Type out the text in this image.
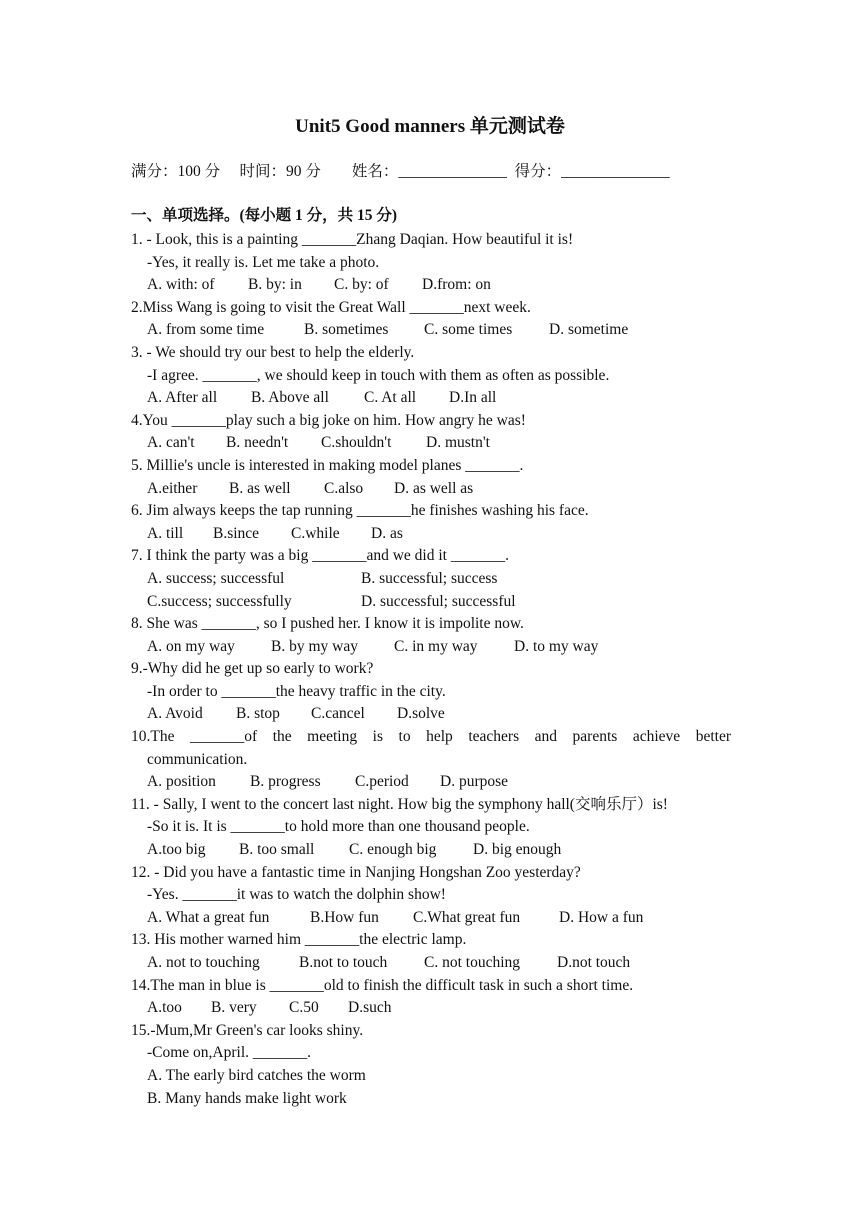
Unit5 Good manners 单元测试卷
满分：100 分 时间：90 分 姓名：______________ 得分：______________
一、单项选择。(每小题 1 分，共 15 分)
1. - Look, this is a painting _______Zhang Daqian. How beautiful it is!
-Yes, it really is. Let me take a photo.
A. with: of B. by: in C. by: of D.from: on
2.Miss Wang is going to visit the Great Wall _______next week.
A. from some time	B. sometimes C. some times D. sometime
3. - We should try our best to help the elderly.
-I agree. _______, we should keep in touch with them as often as possible.
A. After all B. Above all C. At all D.In all
4.You _______play such a big joke on him. How angry he was!
A. can't B. needn't C.shouldn't D. mustn't
5. Millie's uncle is interested in making model planes _______.
A.either B. as well C.also D. as well as
6. Jim always keeps the tap running _______he finishes washing his face.
A. till B.since C.while D. as
7. I think the party was a big _______and we did it _______.
A. success; successful	B. successful; success
C.success; successfully	D. successful; successful
8. She was _______, so I pushed her. I know it is impolite now.
A. on my way B. by my way C. in my way D. to my way
9.-Why did he get up so early to work?
-In order to _______the heavy traffic in the city.
A. Avoid B. stop C.cancel D.solve
10.The _______of the meeting is to help teachers and parents achieve better
communication.
A. position B. progress C.period D. purpose
11. - Sally, I went to the concert last night. How big the symphony hall(交响乐厅）is!
-So it is. It is _______to hold more than one thousand people.
A.too big B. too small C. enough big D. big enough
12. - Did you have a fantastic time in Nanjing Hongshan Zoo yesterday?
-Yes. _______it was to watch the dolphin show!
A. What a great fun	B.How fun C.What great fun	D. How a fun
13. His mother warned him _______the electric lamp.
A. not to touching	B.not to touch C. not touching D.not touch
14.The man in blue is _______old to finish the difficult task in such a short time.
A.too B. very C.50 D.such
15.-Mum,Mr Green's car looks shiny.
-Come on,April. _______.
A. The early bird catches the worm
B. Many hands make light work
